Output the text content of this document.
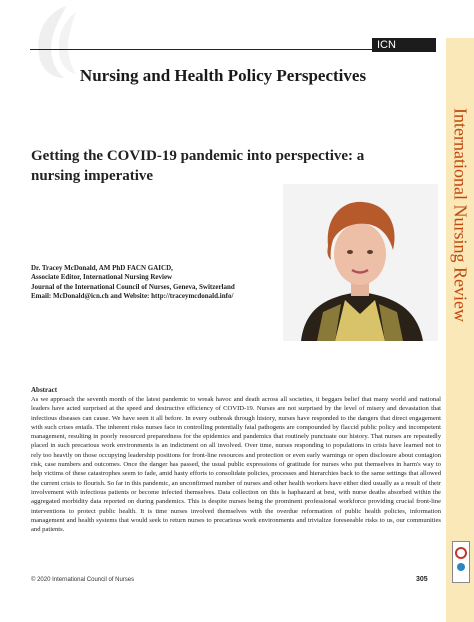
ICN
International Nursing Review
Nursing and Health Policy Perspectives
Getting the COVID-19 pandemic into perspective: a nursing imperative
Dr. Tracey McDonald, AM PhD FACN GAICD,
Associate Editor, International Nursing Review
Journal of the International Council of Nurses, Geneva, Switzerland
Email: McDonald@icn.ch and Website: http://traceymcdonald.info/
Abstract

As we approach the seventh month of the latest pandemic to wreak havoc and death across all societies, it beggars belief that many world and national leaders have acted surprised at the speed and destructive efficiency of COVID-19. Nurses are not surprised by the level of misery and devastation that infectious diseases can cause. We have seen it all before. In every outbreak through history, nurses have responded to the dangers that direct engagement with such crises entails. The inherent risks nurses face in controlling potentially fatal pathogens are compounded by flaccid public policy and incompetent management, resulting in poorly resourced preparedness for the epidemics and pandemics that routinely punctuate our history. That nurses are repeatedly placed in such precarious work environments is an indictment on all involved. Over time, nurses responding to populations in crisis have learned not to rely too heavily on those occupying leadership positions for front-line resources and protection or even early warnings or open disclosure about contagion risk, case numbers and outcomes. Once the danger has passed, the usual public expressions of gratitude for nurses who put themselves in harm's way to help victims of these catastrophes seem to fade, amid hasty efforts to consolidate policies, processes and hierarchies back to the same settings that allowed the current crisis to flourish. So far in this pandemic, an unconfirmed number of nurses and other health workers have either died usually as a result of their involvement with infectious patients or become infected themselves. Data collection on this is haphazard at best, with nurse deaths absorbed within the aggregated morbidity data reported on during pandemics. This is despite nurses being the prominent professional workforce providing crucial front-line interventions to protect public health. It is time nurses involved themselves with the overdue reformation of public health policies, information management and health systems that would seek to return nurses to precarious work environments and trivialize foreseeable risks to us, our communities and patients.

© 2020 International Council of Nurses	305
